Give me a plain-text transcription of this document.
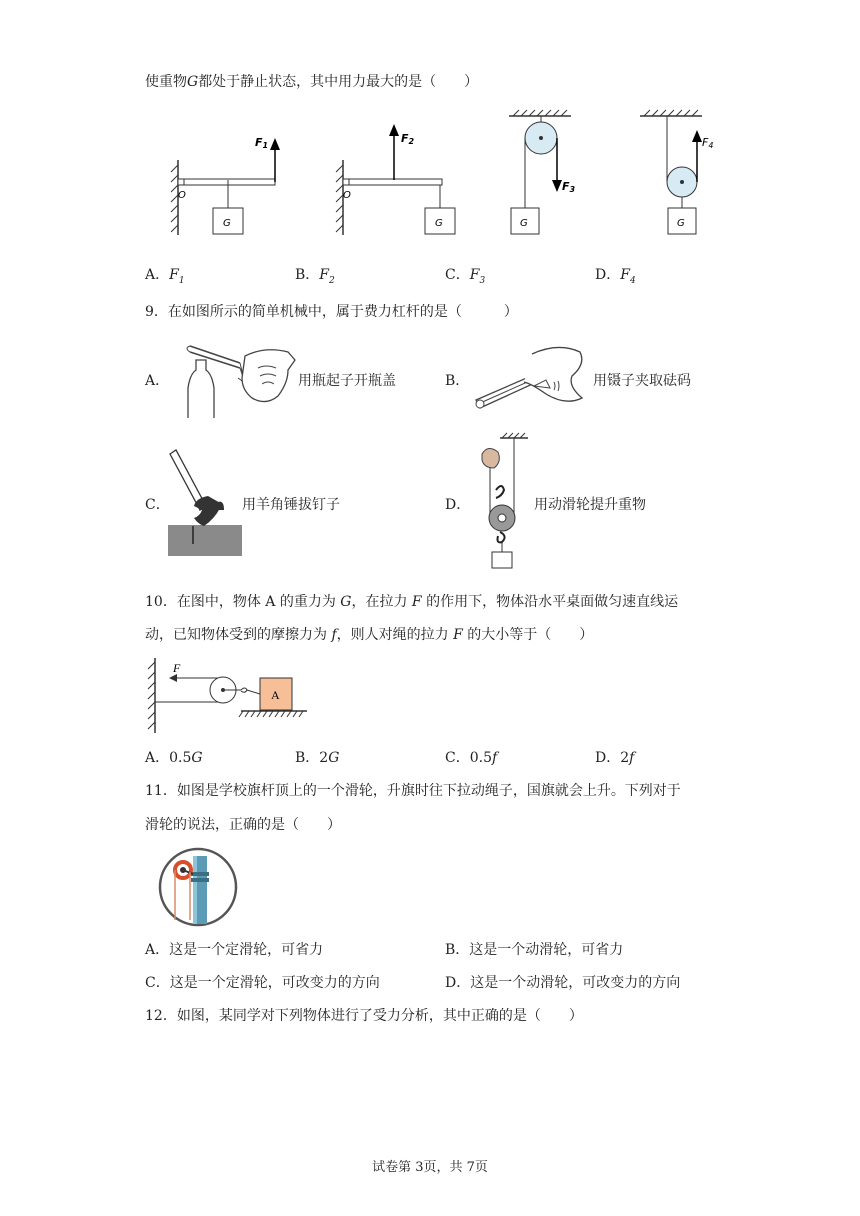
使重物G都处于静止状态，其中用力最大的是（　　）
F1
O
G
F2
O
G
F3
G
F4
G
A．$F_1$	B．$F_2$	C．$F_3$	D．$F_4$
9．在如图所示的简单机械中，属于费力杠杆的是（　　　）
A．	用瓶起子开瓶盖	B．	用镊子夹取砝码
C．	用羊角锤拔钉子	D．	用动滑轮提升重物
10．在图中，物体 A 的重力为 G，在拉力 F 的作用下，物体沿水平桌面做匀速直线运
动，已知物体受到的摩擦力为 f，则人对绳的拉力 F 的大小等于（　　）
F
A
A．0.5G	B．2G	C．0.5f	D．2f
11．如图是学校旗杆顶上的一个滑轮，升旗时往下拉动绳子，国旗就会上升。下列对于
滑轮的说法，正确的是（　　）
A．这是一个定滑轮，可省力	B．这是一个动滑轮，可省力
C．这是一个定滑轮，可改变力的方向	D．这是一个动滑轮，可改变力的方向
12．如图，某同学对下列物体进行了受力分析，其中正确的是（　　）
试卷第 3页，共 7页
